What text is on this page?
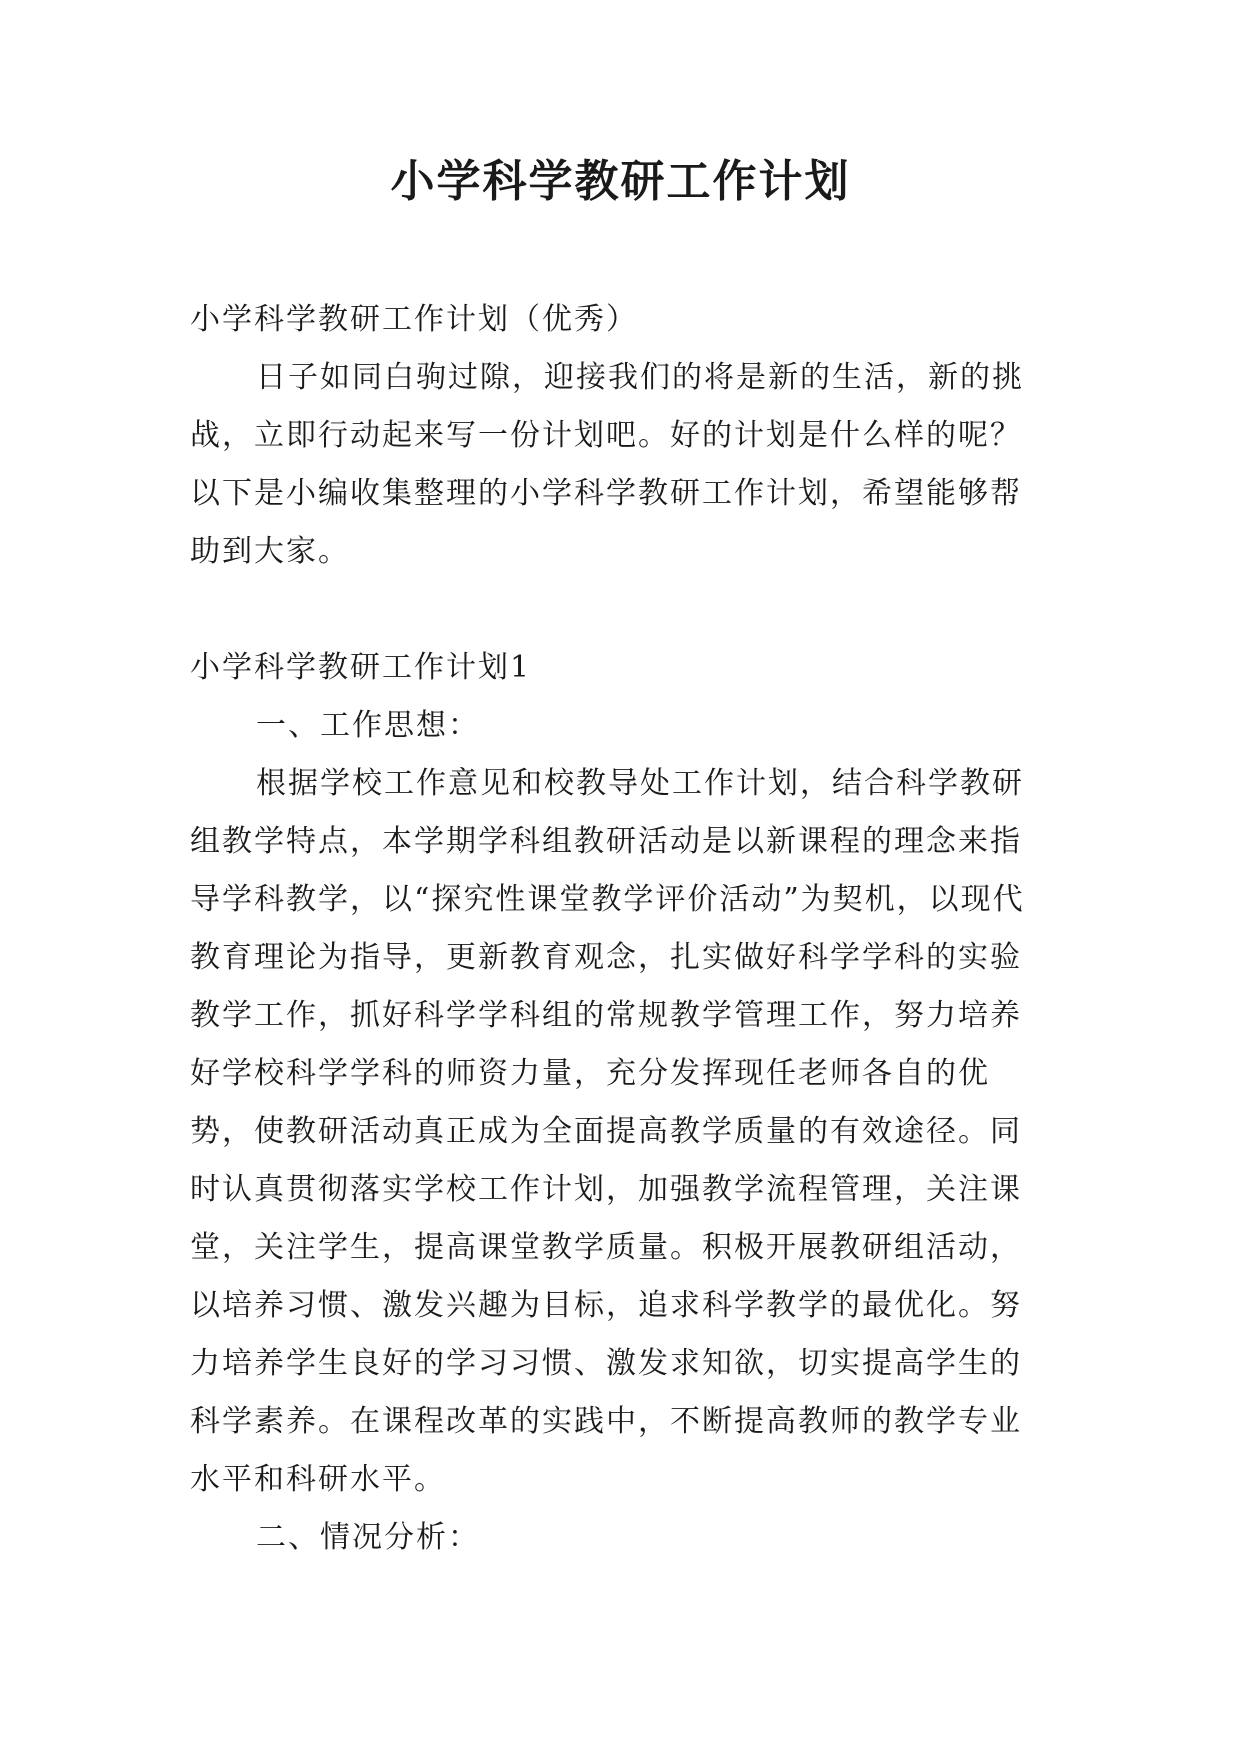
小学科学教研工作计划

小学科学教研工作计划（优秀）

日子如同白驹过隙，迎接我们的将是新的生活，新的挑战，立即行动起来写一份计划吧。好的计划是什么样的呢？以下是小编收集整理的小学科学教研工作计划，希望能够帮助到大家。

小学科学教研工作计划1

一、工作思想：

根据学校工作意见和校教导处工作计划，结合科学教研组教学特点，本学期学科组教研活动是以新课程的理念来指导学科教学，以“探究性课堂教学评价活动”为契机，以现代教育理论为指导，更新教育观念，扎实做好科学学科的实验教学工作，抓好科学学科组的常规教学管理工作，努力培养好学校科学学科的师资力量，充分发挥现任老师各自的优势，使教研活动真正成为全面提高教学质量的有效途径。同时认真贯彻落实学校工作计划，加强教学流程管理，关注课堂，关注学生，提高课堂教学质量。积极开展教研组活动，以培养习惯、激发兴趣为目标，追求科学教学的最优化。努力培养学生良好的学习习惯、激发求知欲，切实提高学生的科学素养。在课程改革的实践中，不断提高教师的教学专业水平和科研水平。

二、情况分析：
